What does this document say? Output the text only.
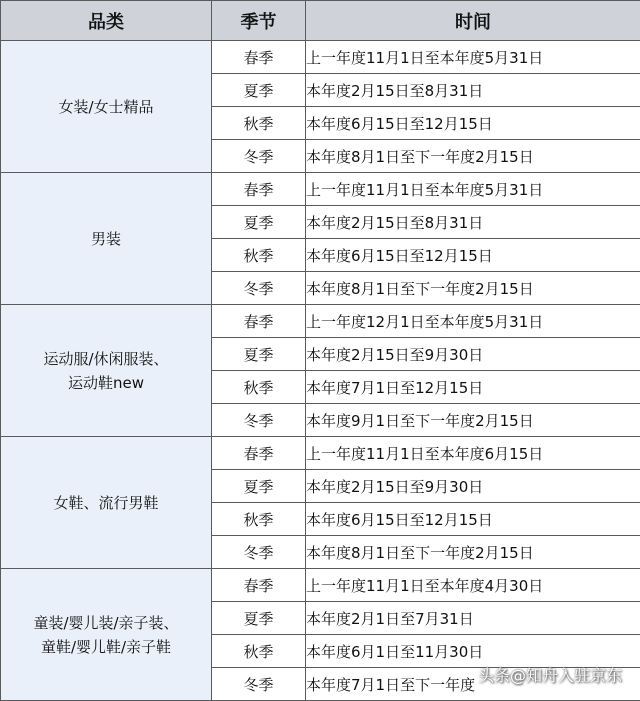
品类	季节	时间

女装/女士精品	春季	上一年度11月1日至本年度5月31日
	夏季	本年度2月15日至8月31日
	秋季	本年度6月15日至12月15日
	冬季	本年度8月1日至下一年度2月15日

男装	春季	上一年度11月1日至本年度5月31日
	夏季	本年度2月15日至8月31日
	秋季	本年度6月15日至12月15日
	冬季	本年度8月1日至下一年度2月15日

运动服/休闲服装、
运动鞋new	春季	上一年度12月1日至本年度5月31日
	夏季	本年度2月15日至9月30日
	秋季	本年度7月1日至12月15日
	冬季	本年度9月1日至下一年度2月15日

女鞋、流行男鞋	春季	上一年度11月1日至本年度6月15日
	夏季	本年度2月15日至9月30日
	秋季	本年度6月15日至12月15日
	冬季	本年度8月1日至下一年度2月15日

童装/婴儿装/亲子装、
童鞋/婴儿鞋/亲子鞋	春季	上一年度11月1日至本年度4月30日
	夏季	本年度2月1日至7月31日
	秋季	本年度6月1日至11月30日
	冬季	本年度7月1日至下一年度 头条@知舟入驻京东
